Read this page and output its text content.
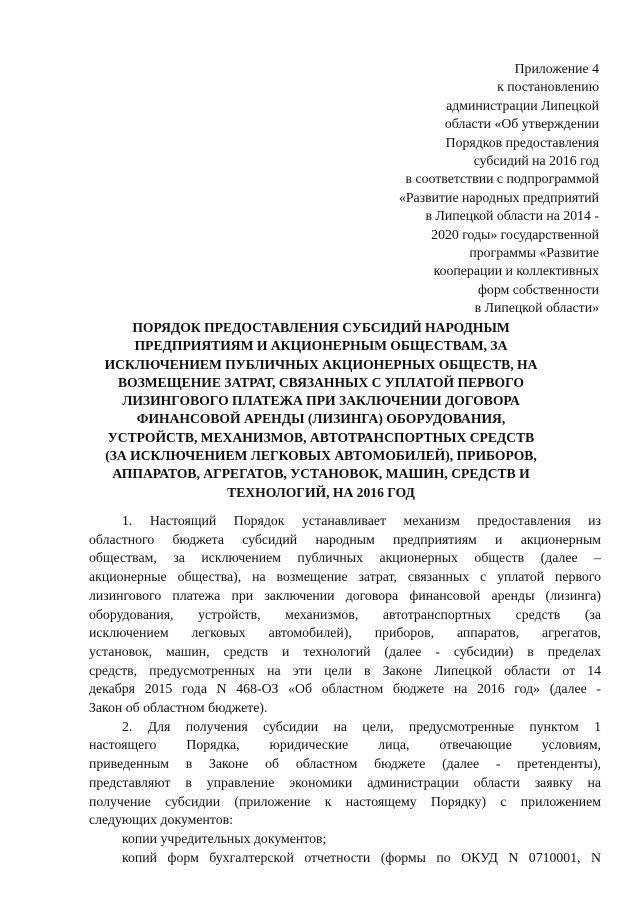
Приложение 4
к постановлению
администрации Липецкой
области «Об утверждении
Порядков предоставления
субсидий на 2016 год
в соответствии с подпрограммой
«Развитие народных предприятий
в Липецкой области на 2014 -
2020 годы» государственной
программы «Развитие
кооперации и коллективных
форм собственности
в Липецкой области»
ПОРЯДОК ПРЕДОСТАВЛЕНИЯ СУБСИДИЙ НАРОДНЫМ
ПРЕДПРИЯТИЯМ И АКЦИОНЕРНЫМ ОБЩЕСТВАМ, ЗА
ИСКЛЮЧЕНИЕМ ПУБЛИЧНЫХ АКЦИОНЕРНЫХ ОБЩЕСТВ, НА
ВОЗМЕЩЕНИЕ ЗАТРАТ, СВЯЗАННЫХ С УПЛАТОЙ ПЕРВОГО
ЛИЗИНГОВОГО ПЛАТЕЖА ПРИ ЗАКЛЮЧЕНИИ ДОГОВОРА
ФИНАНСОВОЙ АРЕНДЫ (ЛИЗИНГА) ОБОРУДОВАНИЯ,
УСТРОЙСТВ, МЕХАНИЗМОВ, АВТОТРАНСПОРТНЫХ СРЕДСТВ
(ЗА ИСКЛЮЧЕНИЕМ ЛЕГКОВЫХ АВТОМОБИЛЕЙ), ПРИБОРОВ,
АППАРАТОВ, АГРЕГАТОВ, УСТАНОВОК, МАШИН, СРЕДСТВ И
ТЕХНОЛОГИЙ, НА 2016 ГОД
1. Настоящий Порядок устанавливает механизм предоставления из
областного бюджета субсидий народным предприятиям и акционерным
обществам, за исключением публичных акционерных обществ (далее –
акционерные общества), на возмещение затрат, связанных с уплатой первого
лизингового платежа при заключении договора финансовой аренды (лизинга)
оборудования, устройств, механизмов, автотранспортных средств (за
исключением легковых автомобилей), приборов, аппаратов, агрегатов,
установок, машин, средств и технологий (далее - субсидии) в пределах
средств, предусмотренных на эти цели в Законе Липецкой области от 14
декабря 2015 года N 468-ОЗ «Об областном бюджете на 2016 год» (далее -
Закон об областном бюджете).
2. Для получения субсидии на цели, предусмотренные пунктом 1
настоящего Порядка, юридические лица, отвечающие условиям,
приведенным в Законе об областном бюджете (далее - претенденты),
представляют в управление экономики администрации области заявку на
получение субсидии (приложение к настоящему Порядку) с приложением
следующих документов:
копии учредительных документов;
копий форм бухгалтерской отчетности (формы по ОКУД N 0710001, N
